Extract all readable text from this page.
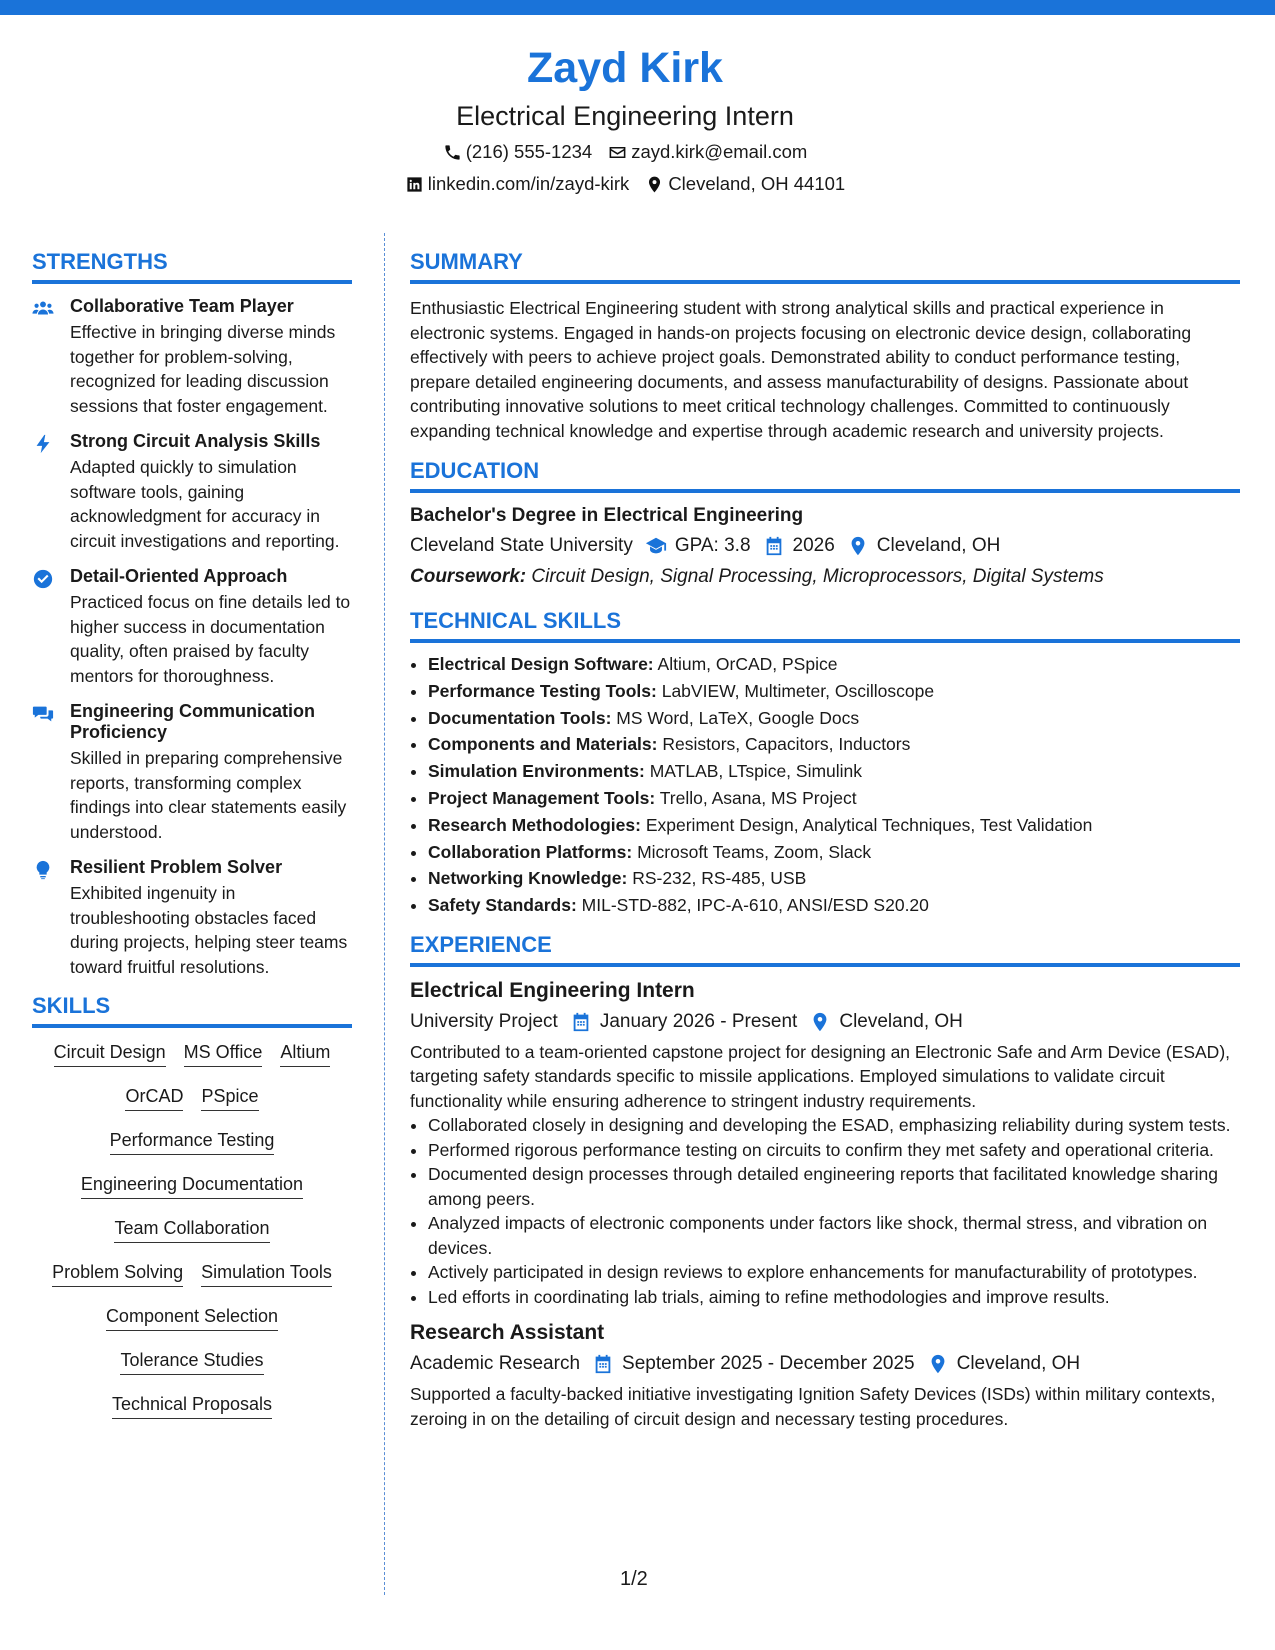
Zayd Kirk
Electrical Engineering Intern
(216) 555-1234 zayd.kirk@email.com
linkedin.com/in/zayd-kirk Cleveland, OH 44101
STRENGTHS
Collaborative Team Player
Effective in bringing diverse minds together for problem-solving, recognized for leading discussion sessions that foster engagement.
Strong Circuit Analysis Skills
Adapted quickly to simulation software tools, gaining acknowledgment for accuracy in circuit investigations and reporting.
Detail-Oriented Approach
Practiced focus on fine details led to higher success in documentation quality, often praised by faculty mentors for thoroughness.
Engineering Communication Proficiency
Skilled in preparing comprehensive reports, transforming complex findings into clear statements easily understood.
Resilient Problem Solver
Exhibited ingenuity in troubleshooting obstacles faced during projects, helping steer teams toward fruitful resolutions.
SKILLS
Circuit Design MS Office Altium
OrCAD PSpice
Performance Testing
Engineering Documentation
Team Collaboration
Problem Solving Simulation Tools
Component Selection
Tolerance Studies
Technical Proposals
SUMMARY

Enthusiastic Electrical Engineering student with strong analytical skills and practical experience in electronic systems. Engaged in hands-on projects focusing on electronic device design, collaborating effectively with peers to achieve project goals. Demonstrated ability to conduct performance testing, prepare detailed engineering documents, and assess manufacturability of designs. Passionate about contributing innovative solutions to meet critical technology challenges. Committed to continuously expanding technical knowledge and expertise through academic research and university projects.

EDUCATION
Bachelor's Degree in Electrical Engineering
Cleveland State University GPA: 3.8 2026 Cleveland, OH
Coursework: Circuit Design, Signal Processing, Microprocessors, Digital Systems
TECHNICAL SKILLS
• Electrical Design Software: Altium, OrCAD, PSpice
• Performance Testing Tools: LabVIEW, Multimeter, Oscilloscope
• Documentation Tools: MS Word, LaTeX, Google Docs
• Components and Materials: Resistors, Capacitors, Inductors
• Simulation Environments: MATLAB, LTspice, Simulink
• Project Management Tools: Trello, Asana, MS Project
• Research Methodologies: Experiment Design, Analytical Techniques, Test Validation
• Collaboration Platforms: Microsoft Teams, Zoom, Slack
• Networking Knowledge: RS-232, RS-485, USB
• Safety Standards: MIL-STD-882, IPC-A-610, ANSI/ESD S20.20
EXPERIENCE
Electrical Engineering Intern
University Project January 2026 - Present Cleveland, OH

Contributed to a team-oriented capstone project for designing an Electronic Safe and Arm Device (ESAD), targeting safety standards specific to missile applications. Employed simulations to validate circuit functionality while ensuring adherence to stringent industry requirements.

• Collaborated closely in designing and developing the ESAD, emphasizing reliability during system tests.
• Performed rigorous performance testing on circuits to confirm they met safety and operational criteria.
• Documented design processes through detailed engineering reports that facilitated knowledge sharing among peers.
• Analyzed impacts of electronic components under factors like shock, thermal stress, and vibration on devices.
• Actively participated in design reviews to explore enhancements for manufacturability of prototypes.
• Led efforts in coordinating lab trials, aiming to refine methodologies and improve results.
Research Assistant
Academic Research September 2025 - December 2025 Cleveland, OH

Supported a faculty-backed initiative investigating Ignition Safety Devices (ISDs) within military contexts, zeroing in on the detailing of circuit design and necessary testing procedures.

1/2
